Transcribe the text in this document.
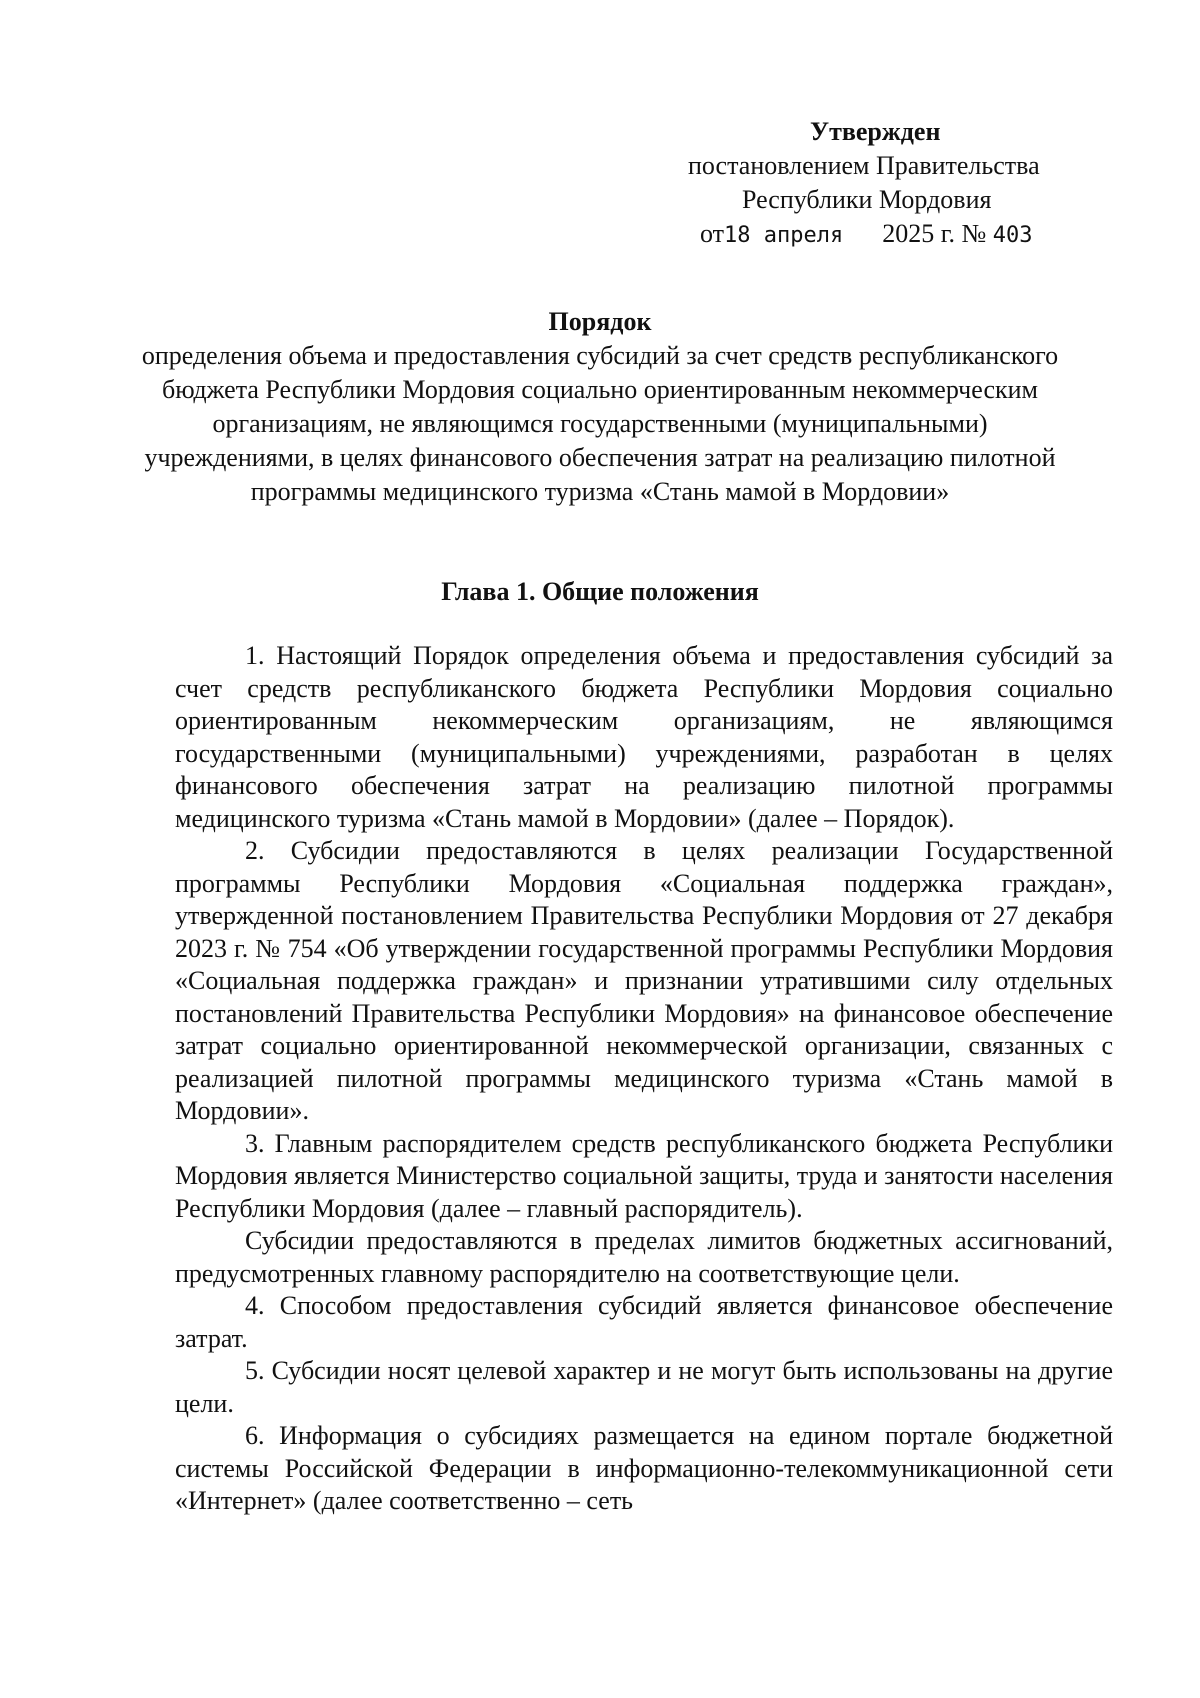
Утвержден
постановлением Правительства
Республики Мордовия
от18 апреля 2025 г. № 403
Порядок
определения объема и предоставления субсидий за счет средств республиканского бюджета Республики Мордовия социально ориентированным некоммерческим организациям, не являющимся государственными (муниципальными) учреждениями, в целях финансового обеспечения затрат на реализацию пилотной программы медицинского туризма «Стань мамой в Мордовии»
Глава 1. Общие положения

1. Настоящий Порядок определения объема и предоставления субсидий за счет средств республиканского бюджета Республики Мордовия социально ориентированным некоммерческим организациям, не являющимся государственными (муниципальными) учреждениями, разработан в целях финансового обеспечения затрат на реализацию пилотной программы медицинского туризма «Стань мамой в Мордовии» (далее – Порядок).

2. Субсидии предоставляются в целях реализации Государственной программы Республики Мордовия «Социальная поддержка граждан», утвержденной постановлением Правительства Республики Мордовия от 27 декабря 2023 г. № 754 «Об утверждении государственной программы Республики Мордовия «Социальная поддержка граждан» и признании утратившими силу отдельных постановлений Правительства Республики Мордовия» на финансовое обеспечение затрат социально ориентированной некоммерческой организации, связанных с реализацией пилотной программы медицинского туризма «Стань мамой в Мордовии».

3. Главным распорядителем средств республиканского бюджета Республики Мордовия является Министерство социальной защиты, труда и занятости населения Республики Мордовия (далее – главный распорядитель).

Субсидии предоставляются в пределах лимитов бюджетных ассигнований, предусмотренных главному распорядителю на соответствующие цели.

4. Способом предоставления субсидий является финансовое обеспечение затрат.

5. Субсидии носят целевой характер и не могут быть использованы на другие цели.

6. Информация о субсидиях размещается на едином портале бюджетной системы Российской Федерации в информационно-телекоммуникационной сети «Интернет» (далее соответственно – сеть
